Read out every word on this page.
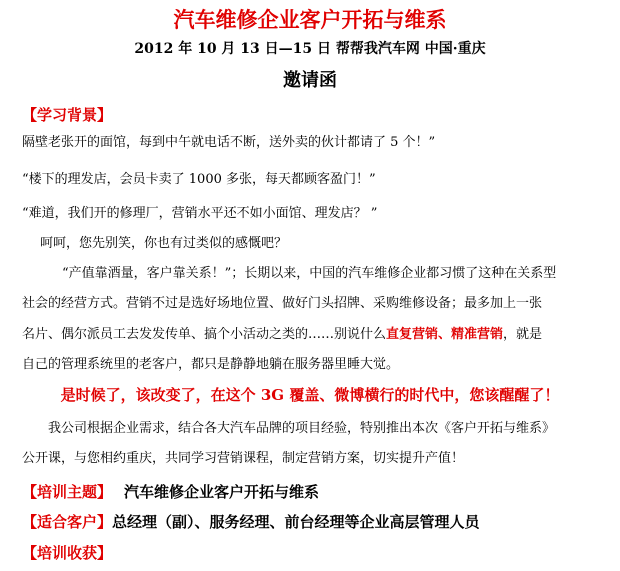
汽车维修企业客户开拓与维系
2012 年 10 月 13 日—15 日 帮帮我汽车网 中国·重庆
邀请函
【学习背景】
隔壁老张开的面馆，每到中午就电话不断，送外卖的伙计都请了 5 个！”
“楼下的理发店，会员卡卖了 1000 多张，每天都顾客盈门！”
“难道，我们开的修理厂，营销水平还不如小面馆、理发店？ ”
呵呵，您先别笑，你也有过类似的感慨吧？
“产值靠酒量，客户靠关系！”；长期以来，中国的汽车维修企业都习惯了这种在关系型
社会的经营方式。营销不过是选好场地位置、做好门头招牌、采购维修设备；最多加上一张
名片、偶尔派员工去发发传单、搞个小活动之类的……别说什么直复营销、精准营销，就是
自己的管理系统里的老客户，都只是静静地躺在服务器里睡大觉。
是时候了，该改变了，在这个 3G 覆盖、微博横行的时代中，您该醒醒了！
我公司根据企业需求，结合各大汽车品牌的项目经验，特别推出本次《客户开拓与维系》
公开课，与您相约重庆，共同学习营销课程，制定营销方案，切实提升产值！
【培训主题】 汽车维修企业客户开拓与维系
【适合客户】总经理（副）、服务经理、前台经理等企业高层管理人员
【培训收获】
